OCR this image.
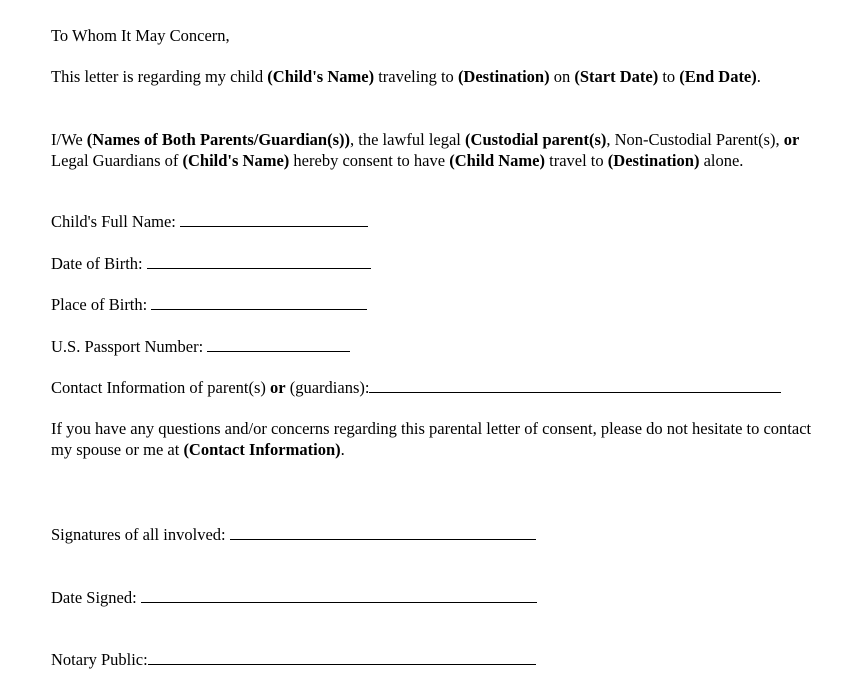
To Whom It May Concern,
This letter is regarding my child (Child's Name) traveling to (Destination) on (Start Date) to (End Date).
I/We (Names of Both Parents/Guardian(s)), the lawful legal (Custodial parent(s), Non-Custodial Parent(s), or Legal Guardians of (Child's Name) hereby consent to have (Child Name) travel to (Destination) alone.
Child's Full Name:
Date of Birth:
Place of Birth:
U.S. Passport Number:
Contact Information of parent(s) or (guardians):
If you have any questions and/or concerns regarding this parental letter of consent, please do not hesitate to contact my spouse or me at (Contact Information).
Signatures of all involved:
Date Signed:
Notary Public:
